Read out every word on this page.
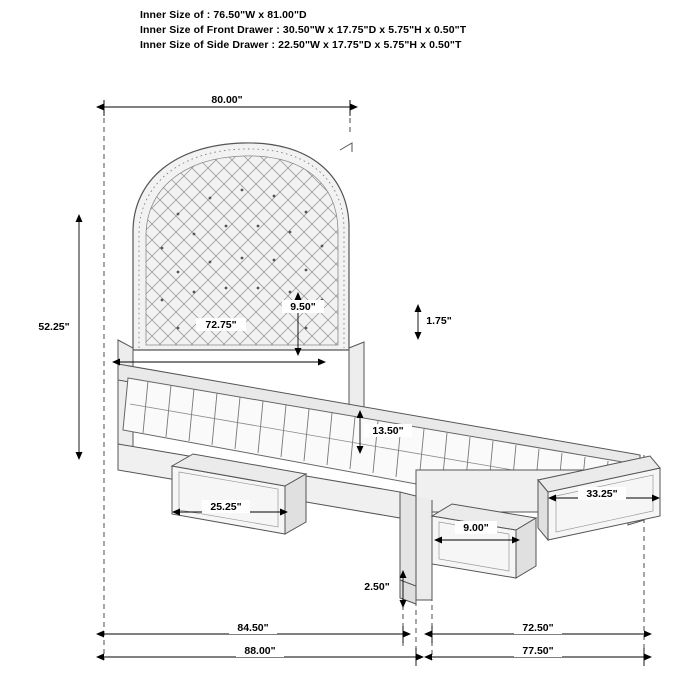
Inner Size of : 76.50"W x 81.00"D
Inner Size of Front Drawer : 30.50"W x 17.75"D x 5.75"H x 0.50"T
Inner Size of Side Drawer : 22.50"W x 17.75"D x 5.75"H x 0.50"T
80.00"
52.25"	72.75"
9.50"
1.75"
13.50"
25.25"
33.25"
9.00"
2.50"
84.50"	72.50"
88.00"	77.50"
